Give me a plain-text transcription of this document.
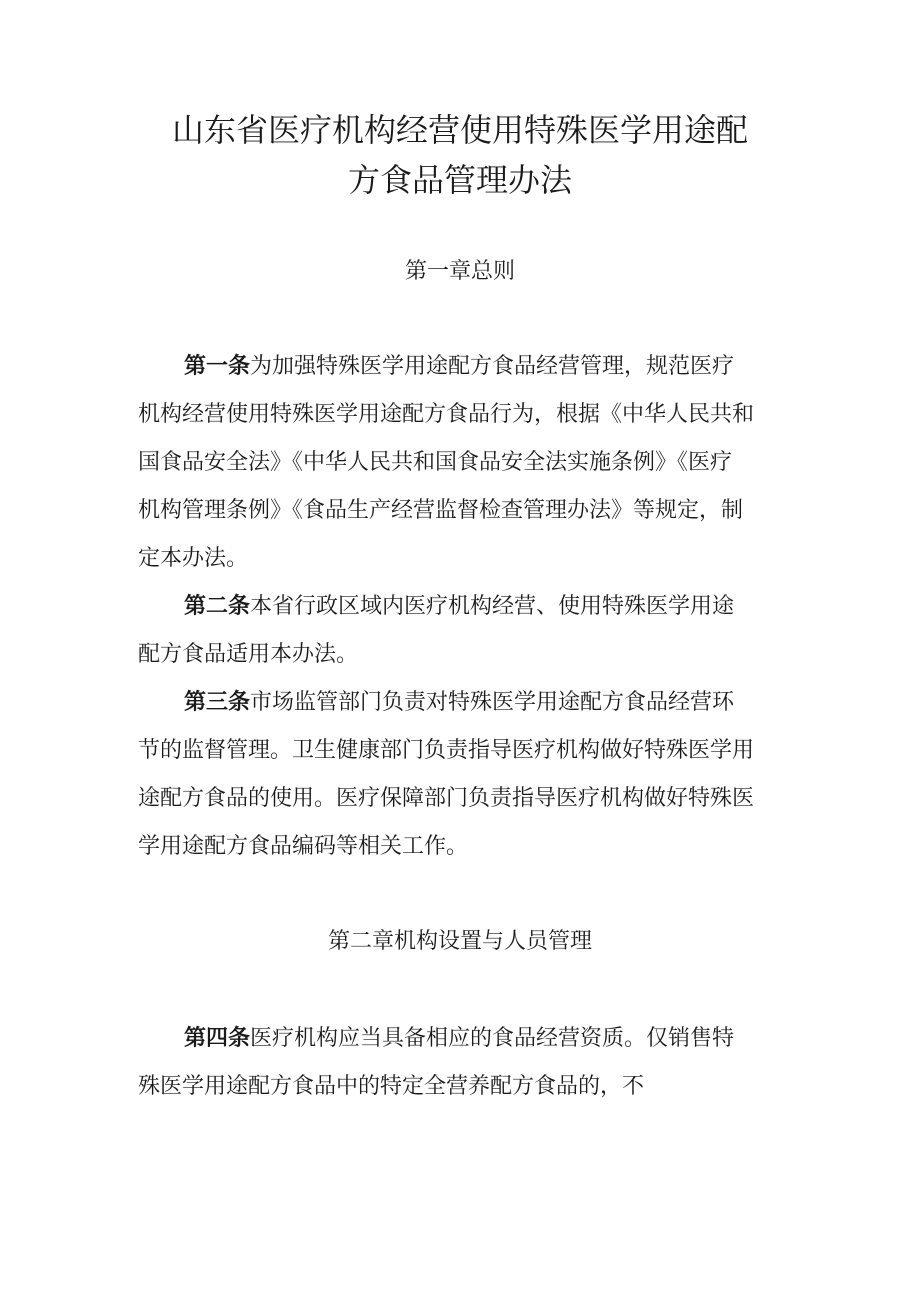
山东省医疗机构经营使用特殊医学用途配
方食品管理办法
第一章总则
第一条为加强特殊医学用途配方食品经营管理，规范医疗
机构经营使用特殊医学用途配方食品行为，根据《中华人民共和
国食品安全法》《中华人民共和国食品安全法实施条例》《医疗
机构管理条例》《食品生产经营监督检查管理办法》等规定，制
定本办法。
第二条本省行政区域内医疗机构经营、使用特殊医学用途
配方食品适用本办法。
第三条市场监管部门负责对特殊医学用途配方食品经营环
节的监督管理。卫生健康部门负责指导医疗机构做好特殊医学用
途配方食品的使用。医疗保障部门负责指导医疗机构做好特殊医
学用途配方食品编码等相关工作。
第二章机构设置与人员管理
第四条医疗机构应当具备相应的食品经营资质。仅销售特
殊医学用途配方食品中的特定全营养配方食品的，不
